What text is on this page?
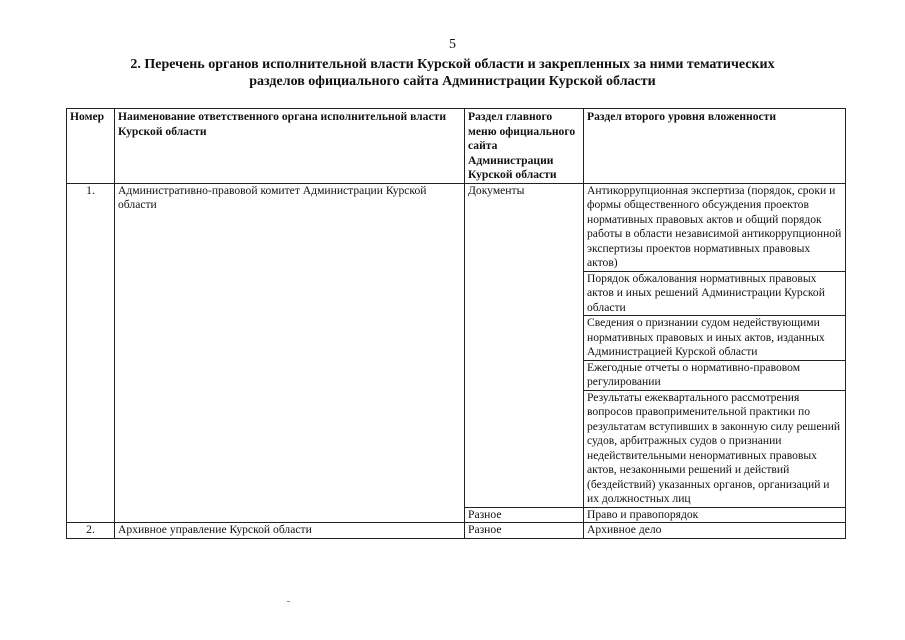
5
2. Перечень органов исполнительной власти Курской области и закрепленных за ними тематических
разделов официального сайта Администрации Курской области
Номер	Наименование ответственного органа исполнительной власти Курской области	Раздел главного меню официального сайта Администрации Курской области	Раздел второго уровня вложенности
1.	Административно-правовой комитет Администрации Курской области	Документы	Антикоррупционная экспертиза (порядок, сроки и формы общественного обсуждения проектов нормативных правовых актов и общий порядок работы в области независимой антикоррупционной экспертизы проектов нормативных правовых актов)
			Порядок обжалования нормативных правовых актов и иных решений Администрации Курской области
			Сведения о признании судом недействующими нормативных правовых и иных актов, изданных Администрацией Курской области
			Ежегодные отчеты о нормативно-правовом регулировании
			Результаты ежеквартального рассмотрения вопросов правоприменительной практики по результатам вступивших в законную силу решений судов, арбитражных судов о признании недействительными ненормативных правовых актов, незаконными решений и действий (бездействий) указанных органов, организаций и их должностных лиц
		Разное	Право и правопорядок
2.	Архивное управление Курской области	Разное	Архивное дело
